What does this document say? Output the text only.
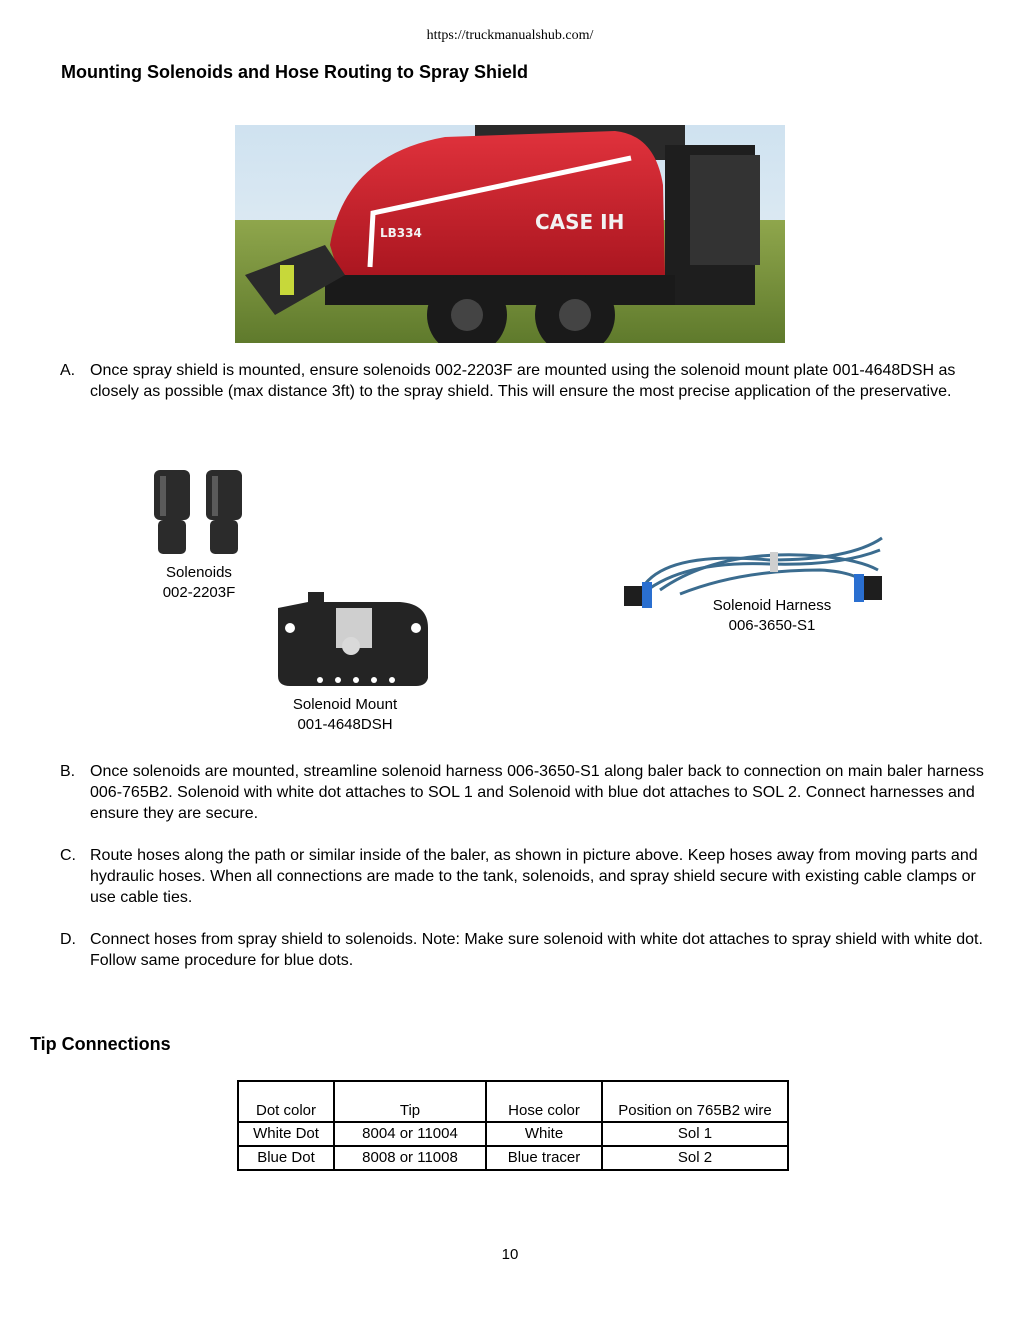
https://truckmanualshub.com/
Mounting Solenoids and Hose Routing to Spray Shield
CASE IH
LB334
A. Once spray shield is mounted, ensure solenoids 002-2203F are mounted using the solenoid mount plate 001-4648DSH as closely as possible (max distance 3ft) to the spray shield. This will ensure the most precise application of the preservative.
Solenoids
002-2203F
Solenoid Mount
001-4648DSH
Solenoid Harness
006-3650-S1
B. Once solenoids are mounted, streamline solenoid harness 006-3650-S1 along baler back to connection on main baler harness 006-765B2. Solenoid with white dot attaches to SOL 1 and Solenoid with blue dot attaches to SOL 2. Connect harnesses and ensure they are secure.
C. Route hoses along the path or similar inside of the baler, as shown in picture above. Keep hoses away from moving parts and hydraulic hoses. When all connections are made to the tank, solenoids, and spray shield secure with existing cable clamps or use cable ties.
D. Connect hoses from spray shield to solenoids. Note: Make sure solenoid with white dot attaches to spray shield with white dot. Follow same procedure for blue dots.
Tip Connections
Dot color	Tip	Hose color	Position on 765B2 wire
White Dot	8004 or 11004	White	Sol 1
Blue Dot	8008 or 11008	Blue tracer	Sol 2
10
